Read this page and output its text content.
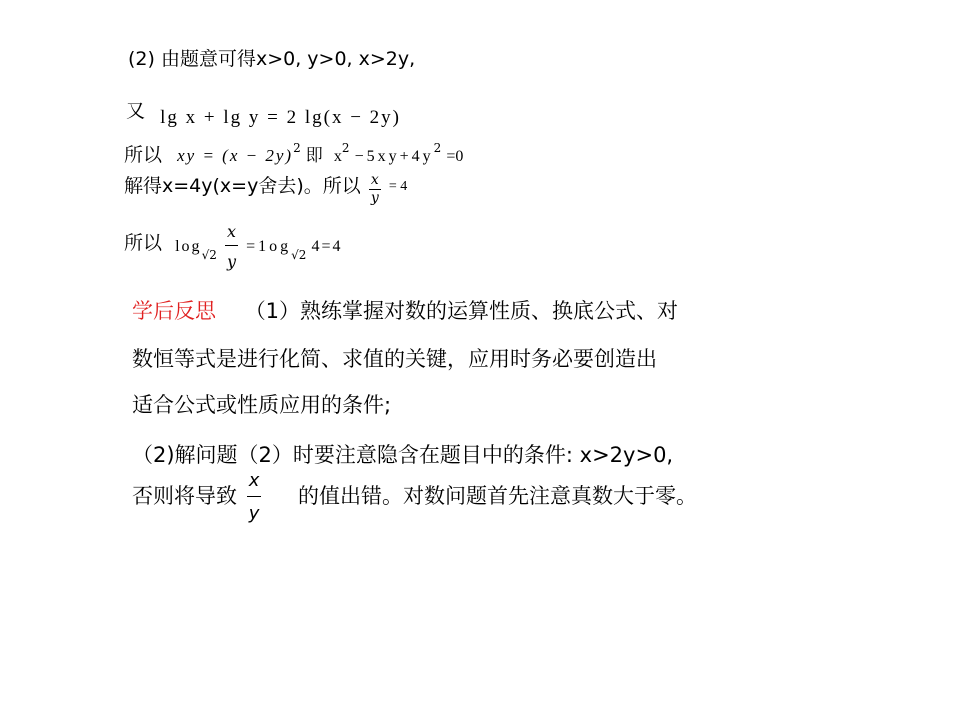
(2) 由题意可得x>0, y>0, x>2y,
又 lg x + lg y = 2 lg(x − 2y)
所以 xy = $(x - 2y)^2$ 即 $x^2 -5xy+4y^2 =0$
解得x=4y(x=y舍去)。所以 $\frac{x}{y} = 4$
所以 $\log_{√2} \frac{x}{y} =1og_{√2}$ 4=4
学后反思 （1）熟练掌握对数的运算性质、换底公式、对
数恒等式是进行化简、求值的关键，应用时务必要创造出
适合公式或性质应用的条件;
（2)解问题（2）时要注意隐含在题目中的条件: x>2y>0,
否则将导致 $\frac{x}{y}$ 的值出错。对数问题首先注意真数大于零。
